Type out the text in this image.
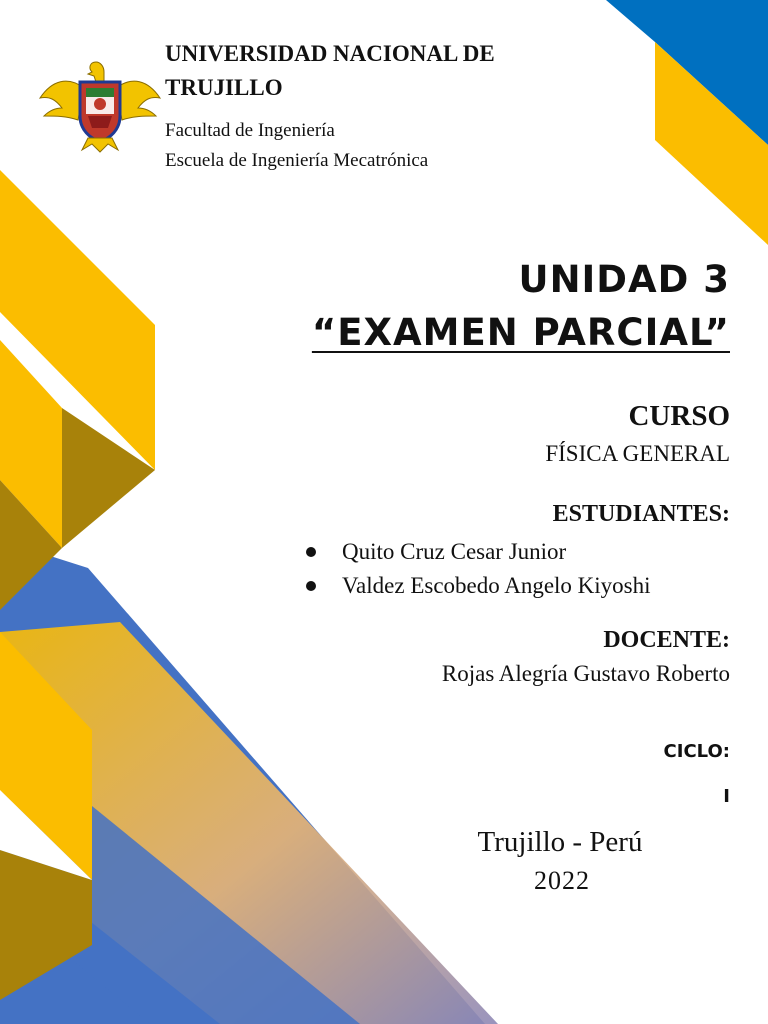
UNIVERSIDAD NACIONAL DE TRUJILLO
Facultad de Ingeniería
Escuela de Ingeniería Mecatrónica
UNIDAD 3
“EXAMEN PARCIAL”
CURSO
FÍSICA GENERAL
ESTUDIANTES:
Quito Cruz Cesar Junior
Valdez Escobedo Angelo Kiyoshi
DOCENTE:
Rojas Alegría Gustavo Roberto
CICLO:
I
Trujillo - Perú
2022
